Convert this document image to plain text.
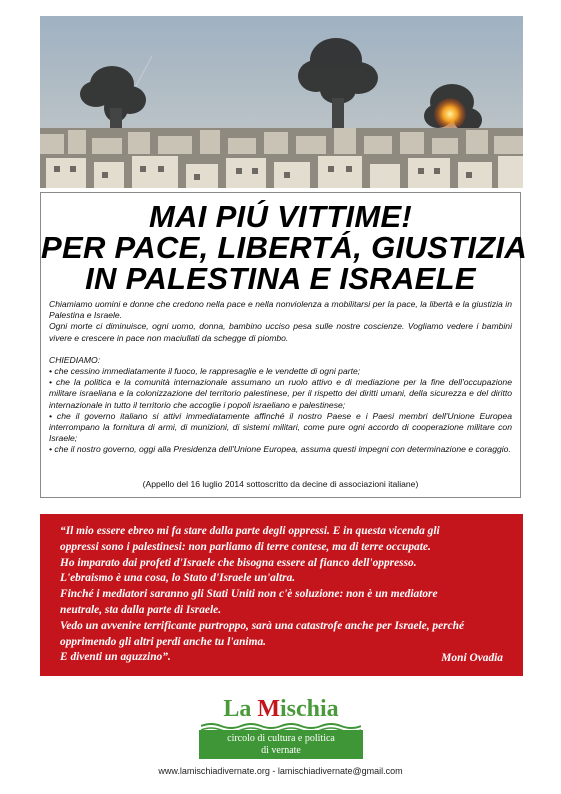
MAI PIÚ VITTIME!
PER PACE, LIBERTÁ, GIUSTIZIA
IN PALESTINA E ISRAELE

Chiamiamo uomini e donne che credono nella pace e nella nonviolenza a mobilitarsi per la pace, la libertà e la giustizia in Palestina e Israele.

Ogni morte ci diminuisce, ogni uomo, donna, bambino ucciso pesa sulle nostre coscienze. Vogliamo vedere i bambini vivere e crescere in pace non maciullati da schegge di piombo.

CHIEDIAMO:

• che cessino immediatamente il fuoco, le rappresaglie e le vendette di ogni parte;
• che la politica e la comunità internazionale assumano un ruolo attivo e di mediazione per la fine dell'occupazione militare israeliana e la colonizzazione del territorio palestinese, per il rispetto dei diritti umani, della sicurezza e del diritto internazionale in tutto il territorio che accoglie i popoli israeliano e palestinese;
• che il governo italiano si attivi immediatamente affinché il nostro Paese e i Paesi membri dell'Unione Europea interrompano la fornitura di armi, di munizioni, di sistemi militari, come pure ogni accordo di cooperazione militare con Israele;
• che il nostro governo, oggi alla Presidenza dell'Unione Europea, assuma questi impegni con determinazione e coraggio.
(Appello del 16 luglio 2014 sottoscritto da decine di associazioni italiane)

“Il mio essere ebreo mi fa stare dalla parte degli oppressi. E in questa vicenda gli

oppressi sono i palestinesi: non parliamo di terre contese, ma di terre occupate.

Ho imparato dai profeti d'Israele che bisogna essere al fianco dell'oppresso.

L'ebraismo è una cosa, lo Stato d'Israele un'altra.

Finché i mediatori saranno gli Stati Uniti non c'è soluzione: non è un mediatore

neutrale, sta dalla parte di Israele.

Vedo un avvenire terrificante purtroppo, sarà una catastrofe anche per Israele, perché

opprimendo gli altri perdi anche tu l'anima.

E diventi un aguzzino”.	Moni Ovadia
La Mischia
circolo di cultura e politica
di vernate
www.lamischiadivernate.org - lamischiadivernate@gmail.com
